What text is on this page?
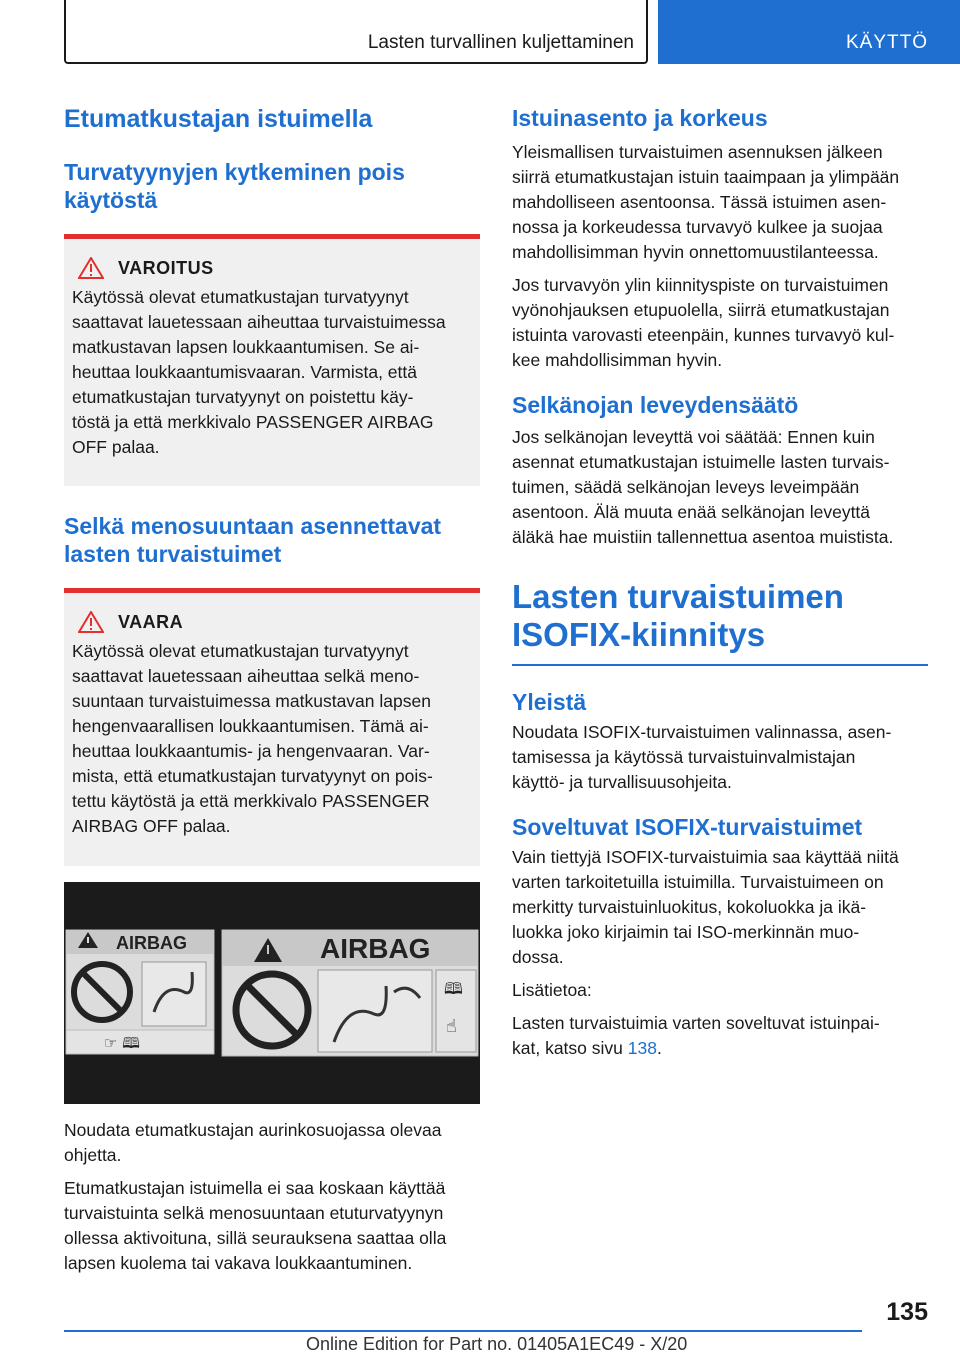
Lasten turvallinen kuljettaminen	KÄYTTÖ
Etumatkustajan istuimella
Turvatyynyjen kytkeminen pois
käytöstä
VAROITUS

Käytössä olevat etumatkustajan turvatyynyt
saattavat lauetessaan aiheuttaa turvaistuimessa
matkustavan lapsen loukkaantumisen. Se ai-
heuttaa loukkaantumisvaaran. Varmista, että
etumatkustajan turvatyynyt on poistettu käy-
töstä ja että merkkivalo PASSENGER AIRBAG
OFF palaa.

Selkä menosuuntaan asennettavat
lasten turvaistuimet
VAARA

Käytössä olevat etumatkustajan turvatyynyt
saattavat lauetessaan aiheuttaa selkä meno-
suuntaan turvaistuimessa matkustavan lapsen
hengenvaarallisen loukkaantumisen. Tämä ai-
heuttaa loukkaantumis- ja hengenvaaran. Var-
mista, että etumatkustajan turvatyynyt on pois-
tettu käytöstä ja että merkkivalo PASSENGER
AIRBAG OFF palaa.

AIRBAG
☞ 🕮
AIRBAG
🕮
☝

Noudata etumatkustajan aurinkosuojassa olevaa
ohjetta.

Etumatkustajan istuimella ei saa koskaan käyttää
turvaistuinta selkä menosuuntaan etuturvatyynyn
ollessa aktivoituna, sillä seurauksena saattaa olla
lapsen kuolema tai vakava loukkaantuminen.

Istuinasento ja korkeus

Yleismallisen turvaistuimen asennuksen jälkeen
siirrä etumatkustajan istuin taaimpaan ja ylimpään
mahdolliseen asentoonsa. Tässä istuimen asen-
nossa ja korkeudessa turvavyö kulkee ja suojaa
mahdollisimman hyvin onnettomuustilanteessa.

Jos turvavyön ylin kiinnityspiste on turvaistuimen
vyönohjauksen etupuolella, siirrä etumatkustajan
istuinta varovasti eteenpäin, kunnes turvavyö kul-
kee mahdollisimman hyvin.

Selkänojan leveydensäätö

Jos selkänojan leveyttä voi säätää: Ennen kuin
asennat etumatkustajan istuimelle lasten turvais-
tuimen, säädä selkänojan leveys leveimpään
asentoon. Älä muuta enää selkänojan leveyttä
äläkä hae muistiin tallennettua asentoa muistista.

Lasten turvaistuimen
ISOFIX-kiinnitys
Yleistä

Noudata ISOFIX-turvaistuimen valinnassa, asen-
tamisessa ja käytössä turvaistuinvalmistajan
käyttö- ja turvallisuusohjeita.

Soveltuvat ISOFIX-turvaistuimet

Vain tiettyjä ISOFIX-turvaistuimia saa käyttää niitä
varten tarkoitetuilla istuimilla. Turvaistuimeen on
merkitty turvaistuinluokitus, kokoluokka ja ikä-
luokka joko kirjaimin tai ISO-merkinnän muo-
dossa.

Lisätietoa:

Lasten turvaistuimia varten soveltuvat istuinpai-
kat, katso sivu 138.

135
Online Edition for Part no. 01405A1EC49 - X/20
